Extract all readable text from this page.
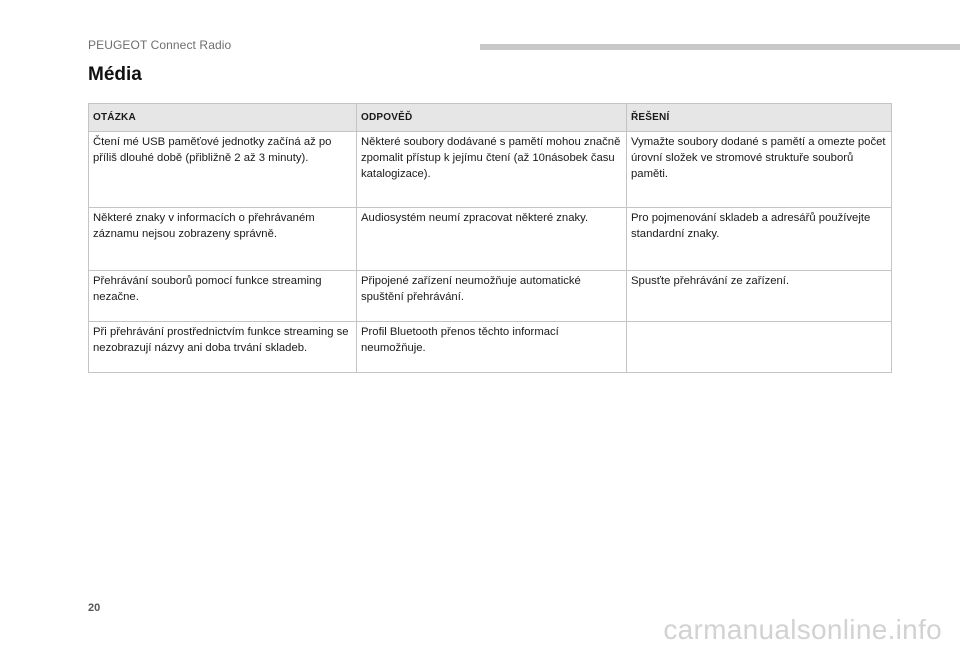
PEUGEOT Connect Radio
Média
OTÁZKA	ODPOVĚĎ	ŘEŠENÍ

Čtení mé USB paměťové jednotky začíná až po příliš dlouhé době (přibližně 2 až 3 minuty).	Některé soubory dodávané s pamětí mohou značně zpomalit přístup k jejímu čtení (až 10násobek času katalogizace).	Vymažte soubory dodané s pamětí a omezte počet úrovní složek ve stromové struktuře souborů paměti.

Některé znaky v informacích o přehrávaném záznamu nejsou zobrazeny správně.	Audiosystém neumí zpracovat některé znaky.	Pro pojmenování skladeb a adresářů používejte standardní znaky.

Přehrávání souborů pomocí funkce streaming nezačne.	Připojené zařízení neumožňuje automatické spuštění přehrávání.	Spusťte přehrávání ze zařízení.

Při přehrávání prostřednictvím funkce streaming se nezobrazují názvy ani doba trvání skladeb.	Profil Bluetooth přenos těchto informací neumožňuje.	

20
carmanualsonline.info
